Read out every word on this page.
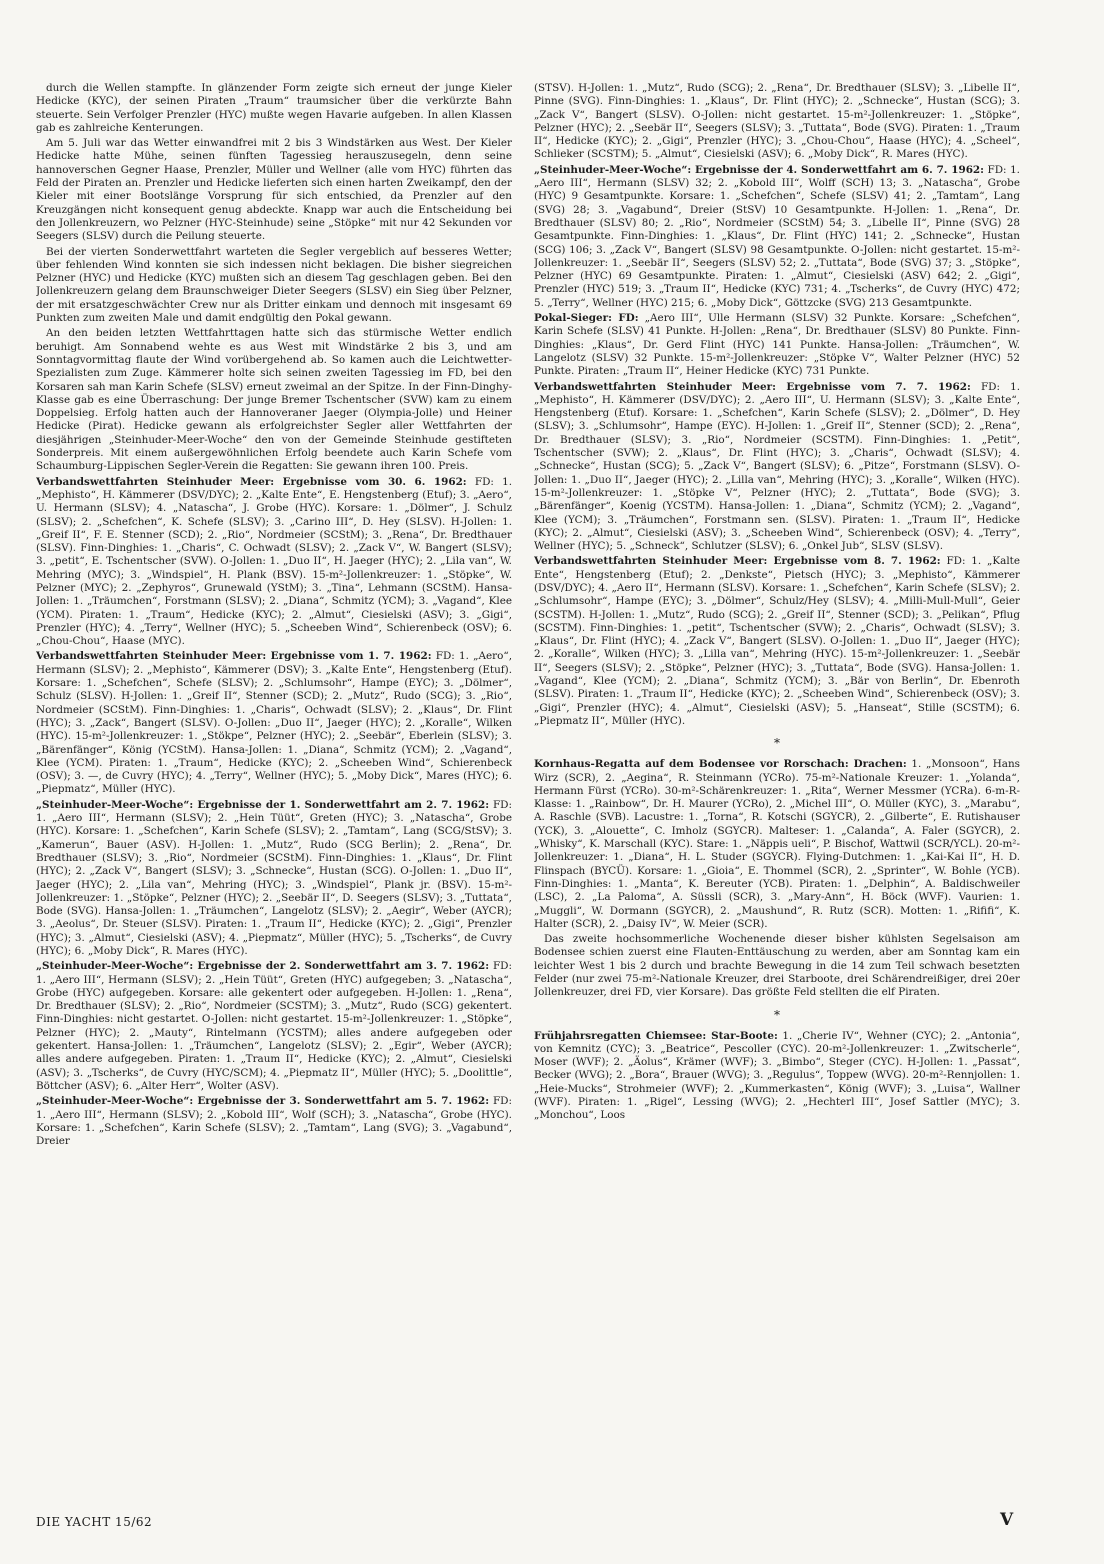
durch die Wellen stampfte. In glänzender Form zeigte sich erneut der junge Kieler Hedicke (KYC), der seinen Piraten „Traum“ traumsicher über die verkürzte Bahn steuerte. Sein Verfolger Prenzler (HYC) mußte wegen Havarie aufgeben. In allen Klassen gab es zahlreiche Kenterungen.

Am 5. Juli war das Wetter einwandfrei mit 2 bis 3 Windstärken aus West. Der Kieler Hedicke hatte Mühe, seinen fünften Tagessieg herauszusegeln, denn seine hannoverschen Gegner Haase, Prenzler, Müller und Wellner (alle vom HYC) führten das Feld der Piraten an. Prenzler und Hedicke lieferten sich einen harten Zweikampf, den der Kieler mit einer Bootslänge Vorsprung für sich entschied, da Prenzler auf den Kreuzgängen nicht konsequent genug abdeckte. Knapp war auch die Entscheidung bei den Jollenkreuzern, wo Pelzner (HYC-Steinhude) seine „Stöpke“ mit nur 42 Sekunden vor Seegers (SLSV) durch die Peilung steuerte.

Bei der vierten Sonderwettfahrt warteten die Segler vergeblich auf besseres Wetter; über fehlenden Wind konnten sie sich indessen nicht beklagen. Die bisher siegreichen Pelzner (HYC) und Hedicke (KYC) mußten sich an diesem Tag geschlagen geben. Bei den Jollenkreuzern gelang dem Braunschweiger Dieter Seegers (SLSV) ein Sieg über Pelzner, der mit ersatzgeschwächter Crew nur als Dritter einkam und dennoch mit insgesamt 69 Punkten zum zweiten Male und damit endgültig den Pokal gewann.

An den beiden letzten Wettfahrttagen hatte sich das stürmische Wetter endlich beruhigt. Am Sonnabend wehte es aus West mit Windstärke 2 bis 3, und am Sonntagvormittag flaute der Wind vorübergehend ab. So kamen auch die Leichtwetter-Spezialisten zum Zuge. Kämmerer holte sich seinen zweiten Tagessieg im FD, bei den Korsaren sah man Karin Schefe (SLSV) erneut zweimal an der Spitze. In der Finn-Dinghy-Klasse gab es eine Überraschung: Der junge Bremer Tschentscher (SVW) kam zu einem Doppelsieg. Erfolg hatten auch der Hannoveraner Jaeger (Olympia-Jolle) und Heiner Hedicke (Pirat). Hedicke gewann als erfolgreichster Segler aller Wettfahrten der diesjährigen „Steinhuder-Meer-Woche“ den von der Gemeinde Steinhude gestifteten Sonderpreis. Mit einem außergewöhnlichen Erfolg beendete auch Karin Schefe vom Schaumburg-Lippischen Segler-Verein die Regatten: Sie gewann ihren 100. Preis.

Verbandswettfahrten Steinhuder Meer: Ergebnisse vom 30. 6. 1962: FD: 1. „Mephisto“, H. Kämmerer (DSV/DYC); 2. „Kalte Ente“, E. Hengstenberg (Etuf); 3. „Aero“, U. Hermann (SLSV); 4. „Natascha“, J. Grobe (HYC). Korsare: 1. „Dölmer“, J. Schulz (SLSV); 2. „Schefchen“, K. Schefe (SLSV); 3. „Carino III“, D. Hey (SLSV). H-Jollen: 1. „Greif II“, F. E. Stenner (SCD); 2. „Rio“, Nordmeier (SCStM); 3. „Rena“, Dr. Bredthauer (SLSV). Finn-Dinghies: 1. „Charis“, C. Ochwadt (SLSV); 2. „Zack V“, W. Bangert (SLSV); 3. „petit“, E. Tschentscher (SVW). O-Jollen: 1. „Duo II“, H. Jaeger (HYC); 2. „Lila van“, W. Mehring (MYC); 3. „Windspiel“, H. Plank (BSV). 15-m²-Jollenkreuzer: 1. „Stöpke“, W. Pelzner (MYC); 2. „Zephyros“, Grunewald (YStM); 3. „Tina“, Lehmann (SCStM). Hansa-Jollen: 1. „Träumchen“, Forstmann (SLSV); 2. „Diana“, Schmitz (YCM); 3. „Vagand“, Klee (YCM). Piraten: 1. „Traum“, Hedicke (KYC); 2. „Almut“, Ciesielski (ASV); 3. „Gigi“, Prenzler (HYC); 4. „Terry“, Wellner (HYC); 5. „Scheeben Wind“, Schierenbeck (OSV); 6. „Chou-Chou“, Haase (MYC).

Verbandswettfahrten Steinhuder Meer: Ergebnisse vom 1. 7. 1962: FD: 1. „Aero“, Hermann (SLSV); 2. „Mephisto“, Kämmerer (DSV); 3. „Kalte Ente“, Hengstenberg (Etuf). Korsare: 1. „Schefchen“, Schefe (SLSV); 2. „Schlumsohr“, Hampe (EYC); 3. „Dölmer“, Schulz (SLSV). H-Jollen: 1. „Greif II“, Stenner (SCD); 2. „Mutz“, Rudo (SCG); 3. „Rio“, Nordmeier (SCStM). Finn-Dinghies: 1. „Charis“, Ochwadt (SLSV); 2. „Klaus“, Dr. Flint (HYC); 3. „Zack“, Bangert (SLSV). O-Jollen: „Duo II“, Jaeger (HYC); 2. „Koralle“, Wilken (HYC). 15-m²-Jollenkreuzer: 1. „Stökpe“, Pelzner (HYC); 2. „Seebär“, Eberlein (SLSV); 3. „Bärenfänger“, König (YCStM). Hansa-Jollen: 1. „Diana“, Schmitz (YCM); 2. „Vagand“, Klee (YCM). Piraten: 1. „Traum“, Hedicke (KYC); 2. „Scheeben Wind“, Schierenbeck (OSV); 3. —, de Cuvry (HYC); 4. „Terry“, Wellner (HYC); 5. „Moby Dick“, Mares (HYC); 6. „Piepmatz“, Müller (HYC).

„Steinhuder-Meer-Woche“: Ergebnisse der 1. Sonderwettfahrt am 2. 7. 1962: FD: 1. „Aero III“, Hermann (SLSV); 2. „Hein Tüüt“, Greten (HYC); 3. „Natascha“, Grobe (HYC). Korsare: 1. „Schefchen“, Karin Schefe (SLSV); 2. „Tamtam“, Lang (SCG/StSV); 3. „Kamerun“, Bauer (ASV). H-Jollen: 1. „Mutz“, Rudo (SCG Berlin); 2. „Rena“, Dr. Bredthauer (SLSV); 3. „Rio“, Nordmeier (SCStM). Finn-Dinghies: 1. „Klaus“, Dr. Flint (HYC); 2. „Zack V“, Bangert (SLSV); 3. „Schnecke“, Hustan (SCG). O-Jollen: 1. „Duo II“, Jaeger (HYC); 2. „Lila van“, Mehring (HYC); 3. „Windspiel“, Plank jr. (BSV). 15-m²-Jollenkreuzer: 1. „Stöpke“, Pelzner (HYC); 2. „Seebär II“, D. Seegers (SLSV); 3. „Tuttata“, Bode (SVG). Hansa-Jollen: 1. „Träumchen“, Langelotz (SLSV); 2. „Aegir“, Weber (AYCR); 3. „Aeolus“, Dr. Steuer (SLSV). Piraten: 1. „Traum II“, Hedicke (KYC); 2. „Gigi“, Prenzler (HYC); 3. „Almut“, Ciesielski (ASV); 4. „Piepmatz“, Müller (HYC); 5. „Tscherks“, de Cuvry (HYC); 6. „Moby Dick“, R. Mares (HYC).

„Steinhuder-Meer-Woche“: Ergebnisse der 2. Sonderwettfahrt am 3. 7. 1962: FD: 1. „Aero III“, Hermann (SLSV); 2. „Hein Tüüt“, Greten (HYC) aufgegeben; 3. „Natascha“, Grobe (HYC) aufgegeben. Korsare: alle gekentert oder aufgegeben. H-Jollen: 1. „Rena“, Dr. Bredthauer (SLSV); 2. „Rio“, Nordmeier (SCSTM); 3. „Mutz“, Rudo (SCG) gekentert. Finn-Dinghies: nicht gestartet. O-Jollen: nicht gestartet. 15-m²-Jollenkreuzer: 1. „Stöpke“, Pelzner (HYC); 2. „Mauty“, Rintelmann (YCSTM); alles andere aufgegeben oder gekentert. Hansa-Jollen: 1. „Träumchen“, Langelotz (SLSV); 2. „Egir“, Weber (AYCR); alles andere aufgegeben. Piraten: 1. „Traum II“, Hedicke (KYC); 2. „Almut“, Ciesielski (ASV); 3. „Tscherks“, de Cuvry (HYC/SCM); 4. „Piepmatz II“, Müller (HYC); 5. „Doolittle“, Böttcher (ASV); 6. „Alter Herr“, Wolter (ASV).

„Steinhuder-Meer-Woche“: Ergebnisse der 3. Sonderwettfahrt am 5. 7. 1962: FD: 1. „Aero III“, Hermann (SLSV); 2. „Kobold III“, Wolf (SCH); 3. „Natascha“, Grobe (HYC). Korsare: 1. „Schefchen“, Karin Schefe (SLSV); 2. „Tamtam“, Lang (SVG); 3. „Vagabund“, Dreier

(STSV). H-Jollen: 1. „Mutz“, Rudo (SCG); 2. „Rena“, Dr. Bredthauer (SLSV); 3. „Libelle II“, Pinne (SVG). Finn-Dinghies: 1. „Klaus“, Dr. Flint (HYC); 2. „Schnecke“, Hustan (SCG); 3. „Zack V“, Bangert (SLSV). O-Jollen: nicht gestartet. 15-m²-Jollenkreuzer: 1. „Stöpke“, Pelzner (HYC); 2. „Seebär II“, Seegers (SLSV); 3. „Tuttata“, Bode (SVG). Piraten: 1. „Traum II“, Hedicke (KYC); 2. „Gigi“, Prenzler (HYC); 3. „Chou-Chou“, Haase (HYC); 4. „Scheel“, Schlieker (SCSTM); 5. „Almut“, Ciesielski (ASV); 6. „Moby Dick“, R. Mares (HYC).

„Steinhuder-Meer-Woche“: Ergebnisse der 4. Sonderwettfahrt am 6. 7. 1962: FD: 1. „Aero III“, Hermann (SLSV) 32; 2. „Kobold III“, Wolff (SCH) 13; 3. „Natascha“, Grobe (HYC) 9 Gesamtpunkte. Korsare: 1. „Schefchen“, Schefe (SLSV) 41; 2. „Tamtam“, Lang (SVG) 28; 3. „Vagabund“, Dreier (StSV) 10 Gesamtpunkte. H-Jollen: 1. „Rena“, Dr. Bredthauer (SLSV) 80; 2. „Rio“, Nordmeier (SCStM) 54; 3. „Libelle II“, Pinne (SVG) 28 Gesamtpunkte. Finn-Dinghies: 1. „Klaus“, Dr. Flint (HYC) 141; 2. „Schnecke“, Hustan (SCG) 106; 3. „Zack V“, Bangert (SLSV) 98 Gesamtpunkte. O-Jollen: nicht gestartet. 15-m²-Jollenkreuzer: 1. „Seebär II“, Seegers (SLSV) 52; 2. „Tuttata“, Bode (SVG) 37; 3. „Stöpke“, Pelzner (HYC) 69 Gesamtpunkte. Piraten: 1. „Almut“, Ciesielski (ASV) 642; 2. „Gigi“, Prenzler (HYC) 519; 3. „Traum II“, Hedicke (KYC) 731; 4. „Tscherks“, de Cuvry (HYC) 472; 5. „Terry“, Wellner (HYC) 215; 6. „Moby Dick“, Göttzcke (SVG) 213 Gesamtpunkte.

Pokal-Sieger: FD: „Aero III“, Ulle Hermann (SLSV) 32 Punkte. Korsare: „Schefchen“, Karin Schefe (SLSV) 41 Punkte. H-Jollen: „Rena“, Dr. Bredthauer (SLSV) 80 Punkte. Finn-Dinghies: „Klaus“, Dr. Gerd Flint (HYC) 141 Punkte. Hansa-Jollen: „Träumchen“, W. Langelotz (SLSV) 32 Punkte. 15-m²-Jollenkreuzer: „Stöpke V“, Walter Pelzner (HYC) 52 Punkte. Piraten: „Traum II“, Heiner Hedicke (KYC) 731 Punkte.

Verbandswettfahrten Steinhuder Meer: Ergebnisse vom 7. 7. 1962: FD: 1. „Mephisto“, H. Kämmerer (DSV/DYC); 2. „Aero III“, U. Hermann (SLSV); 3. „Kalte Ente“, Hengstenberg (Etuf). Korsare: 1. „Schefchen“, Karin Schefe (SLSV); 2. „Dölmer“, D. Hey (SLSV); 3. „Schlumsohr“, Hampe (EYC). H-Jollen: 1. „Greif II“, Stenner (SCD); 2. „Rena“, Dr. Bredthauer (SLSV); 3. „Rio“, Nordmeier (SCSTM). Finn-Dinghies: 1. „Petit“, Tschentscher (SVW); 2. „Klaus“, Dr. Flint (HYC); 3. „Charis“, Ochwadt (SLSV); 4. „Schnecke“, Hustan (SCG); 5. „Zack V“, Bangert (SLSV); 6. „Pitze“, Forstmann (SLSV). O-Jollen: 1. „Duo II“, Jaeger (HYC); 2. „Lilla van“, Mehring (HYC); 3. „Koralle“, Wilken (HYC). 15-m²-Jollenkreuzer: 1. „Stöpke V“, Pelzner (HYC); 2. „Tuttata“, Bode (SVG); 3. „Bärenfänger“, Koenig (YCSTM). Hansa-Jollen: 1. „Diana“, Schmitz (YCM); 2. „Vagand“, Klee (YCM); 3. „Träumchen“, Forstmann sen. (SLSV). Piraten: 1. „Traum II“, Hedicke (KYC); 2. „Almut“, Ciesielski (ASV); 3. „Scheeben Wind“, Schierenbeck (OSV); 4. „Terry“, Wellner (HYC); 5. „Schneck“, Schlutzer (SLSV); 6. „Onkel Jub“, SLSV (SLSV).

Verbandswettfahrten Steinhuder Meer: Ergebnisse vom 8. 7. 1962: FD: 1. „Kalte Ente“, Hengstenberg (Etuf); 2. „Denkste“, Pietsch (HYC); 3. „Mephisto“, Kämmerer (DSV/DYC); 4. „Aero II“, Hermann (SLSV). Korsare: 1. „Schefchen“, Karin Schefe (SLSV); 2. „Schlumsohr“, Hampe (EYC); 3. „Dölmer“, Schulz/Hey (SLSV); 4. „Milli-Mull-Mull“, Geier (SCSTM). H-Jollen: 1. „Mutz“, Rudo (SCG); 2. „Greif II“, Stenner (SCD); 3. „Pelikan“, Pflug (SCSTM). Finn-Dinghies: 1. „petit“, Tschentscher (SVW); 2. „Charis“, Ochwadt (SLSV); 3. „Klaus“, Dr. Flint (HYC); 4. „Zack V“, Bangert (SLSV). O-Jollen: 1. „Duo II“, Jaeger (HYC); 2. „Koralle“, Wilken (HYC); 3. „Lilla van“, Mehring (HYC). 15-m²-Jollenkreuzer: 1. „Seebär II“, Seegers (SLSV); 2. „Stöpke“, Pelzner (HYC); 3. „Tuttata“, Bode (SVG). Hansa-Jollen: 1. „Vagand“, Klee (YCM); 2. „Diana“, Schmitz (YCM); 3. „Bär von Berlin“, Dr. Ebenroth (SLSV). Piraten: 1. „Traum II“, Hedicke (KYC); 2. „Scheeben Wind“, Schierenbeck (OSV); 3. „Gigi“, Prenzler (HYC); 4. „Almut“, Ciesielski (ASV); 5. „Hanseat“, Stille (SCSTM); 6. „Piepmatz II“, Müller (HYC).

*

Kornhaus-Regatta auf dem Bodensee vor Rorschach: Drachen: 1. „Monsoon“, Hans Wirz (SCR), 2. „Aegina“, R. Steinmann (YCRo). 75-m²-Nationale Kreuzer: 1. „Yolanda“, Hermann Fürst (YCRo). 30-m²-Schärenkreuzer: 1. „Rita“, Werner Messmer (YCRa). 6-m-R-Klasse: 1. „Rainbow“, Dr. H. Maurer (YCRo), 2. „Michel III“, O. Müller (KYC), 3. „Marabu“, A. Raschle (SVB). Lacustre: 1. „Torna“, R. Kotschi (SGYCR), 2. „Gilberte“, E. Rutishauser (YCK), 3. „Alouette“, C. Imholz (SGYCR). Malteser: 1. „Calanda“, A. Faler (SGYCR), 2. „Whisky“, K. Marschall (KYC). Stare: 1. „Näppis ueli“, P. Bischof, Wattwil (SCR/YCL). 20-m²-Jollenkreuzer: 1. „Diana“, H. L. Studer (SGYCR). Flying-Dutchmen: 1. „Kai-Kai II“, H. D. Flinspach (BYCÜ). Korsare: 1. „Gioia“, E. Thommel (SCR), 2. „Sprinter“, W. Bohle (YCB). Finn-Dinghies: 1. „Manta“, K. Bereuter (YCB). Piraten: 1. „Delphin“, A. Baldischweiler (LSC), 2. „La Paloma“, A. Süssli (SCR), 3. „Mary-Ann“, H. Böck (WVF). Vaurien: 1. „Muggli“, W. Dormann (SGYCR), 2. „Maushund“, R. Rutz (SCR). Motten: 1. „Rififi“, K. Halter (SCR), 2. „Daisy IV“, W. Meier (SCR).

Das zweite hochsommerliche Wochenende dieser bisher kühlsten Segelsaison am Bodensee schien zuerst eine Flauten-Enttäuschung zu werden, aber am Sonntag kam ein leichter West 1 bis 2 durch und brachte Bewegung in die 14 zum Teil schwach besetzten Felder (nur zwei 75-m²-Nationale Kreuzer, drei Starboote, drei Schärendreißiger, drei 20er Jollenkreuzer, drei FD, vier Korsare). Das größte Feld stellten die elf Piraten.

*

Frühjahrsregatten Chiemsee: Star-Boote: 1. „Cherie IV“, Wehner (CYC); 2. „Antonia“, von Kemnitz (CYC); 3. „Beatrice“, Pescoller (CYC). 20-m²-Jollenkreuzer: 1. „Zwitscherle“, Moser (WVF); 2. „Äolus“, Krämer (WVF); 3. „Bimbo“, Steger (CYC). H-Jollen: 1. „Passat“, Becker (WVG); 2. „Bora“, Brauer (WVG); 3. „Regulus“, Toppew (WVG). 20-m²-Rennjollen: 1. „Heie-Mucks“, Strohmeier (WVF); 2. „Kummerkasten“, König (WVF); 3. „Luisa“, Wallner (WVF). Piraten: 1. „Rigel“, Lessing (WVG); 2. „Hechterl III“, Josef Sattler (MYC); 3. „Monchou“, Loos

DIE YACHT 15/62	V
